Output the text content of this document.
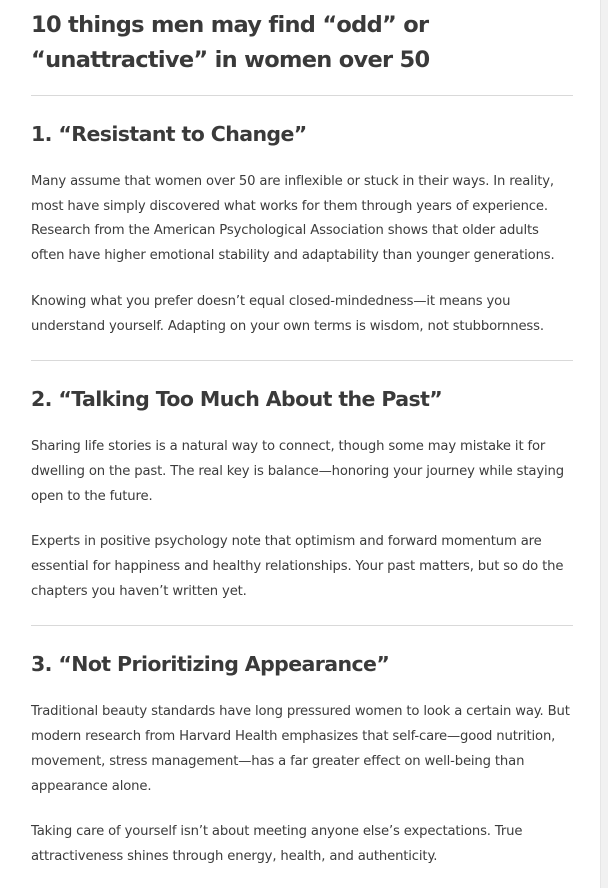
10 things men may find “odd” or “unattractive” in women over 50
1. “Resistant to Change”

Many assume that women over 50 are inflexible or stuck in their ways. In reality, most have simply discovered what works for them through years of experience. Research from the American Psychological Association shows that older adults often have higher emotional stability and adaptability than younger generations.

Knowing what you prefer doesn’t equal closed-mindedness—it means you understand yourself. Adapting on your own terms is wisdom, not stubbornness.

2. “Talking Too Much About the Past”

Sharing life stories is a natural way to connect, though some may mistake it for dwelling on the past. The real key is balance—honoring your journey while staying open to the future.

Experts in positive psychology note that optimism and forward momentum are essential for happiness and healthy relationships. Your past matters, but so do the chapters you haven’t written yet.

3. “Not Prioritizing Appearance”

Traditional beauty standards have long pressured women to look a certain way. But modern research from Harvard Health emphasizes that self-care—good nutrition, movement, stress management—has a far greater effect on well-being than appearance alone.

Taking care of yourself isn’t about meeting anyone else’s expectations. True attractiveness shines through energy, health, and authenticity.
